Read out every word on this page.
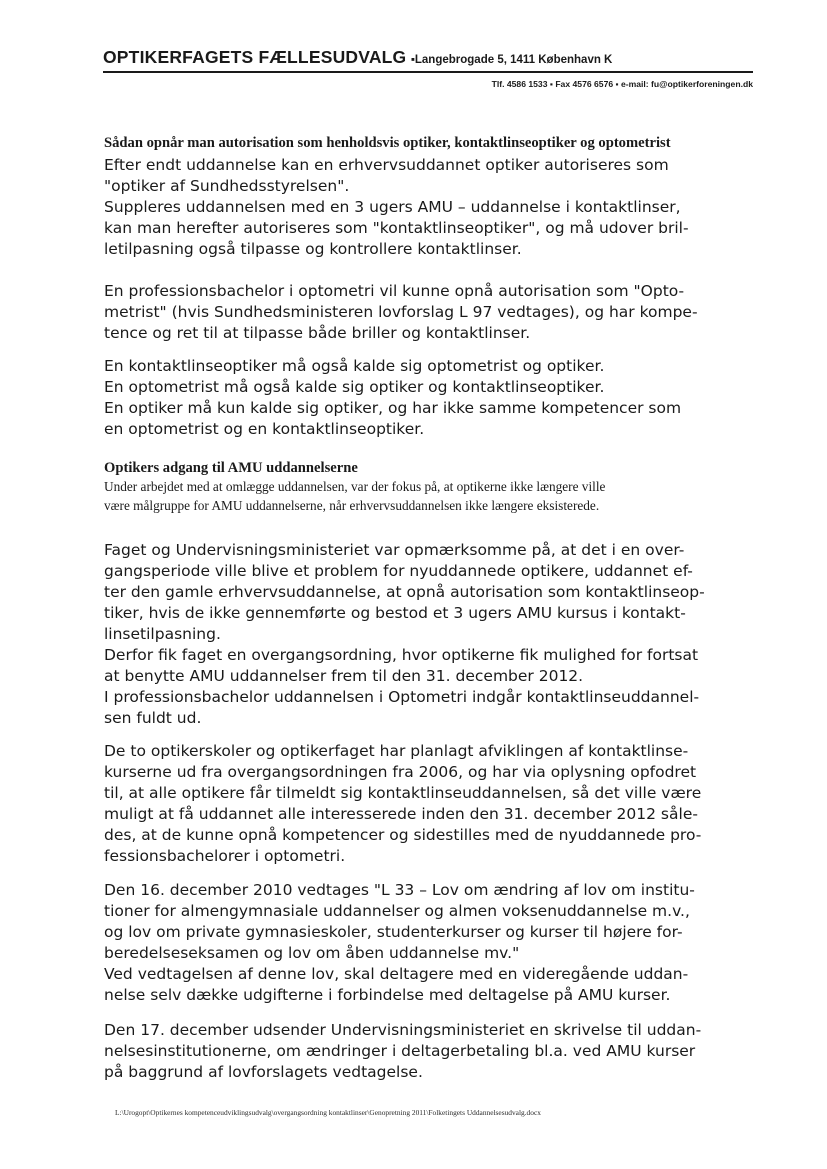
OPTIKERFAGETS FÆLLESUDVALG ▪Langebrogade 5, 1411 København K
Tlf. 4586 1533 ▪ Fax 4576 6576 ▪ e-mail: fu@optikerforeningen.dk
Sådan opnår man autorisation som henholdsvis optiker, kontaktlinseoptiker og optometrist
Efter endt uddannelse kan en erhvervsuddannet optiker autoriseres som
"optiker af Sundhedsstyrelsen".
Suppleres uddannelsen med en 3 ugers AMU – uddannelse i kontaktlinser,
kan man herefter autoriseres som "kontaktlinseoptiker", og må udover bril-
letilpasning også tilpasse og kontrollere kontaktlinser.
En professionsbachelor i optometri vil kunne opnå autorisation som "Opto-
metrist" (hvis Sundhedsministeren lovforslag L 97 vedtages), og har kompe-
tence og ret til at tilpasse både briller og kontaktlinser.
En kontaktlinseoptiker må også kalde sig optometrist og optiker.
En optometrist må også kalde sig optiker og kontaktlinseoptiker.
En optiker må kun kalde sig optiker, og har ikke samme kompetencer som
en optometrist og en kontaktlinseoptiker.
Optikers adgang til AMU uddannelserne
Under arbejdet med at omlægge uddannelsen, var der fokus på, at optikerne ikke længere ville
være målgruppe for AMU uddannelserne, når erhvervsuddannelsen ikke længere eksisterede.
Faget og Undervisningsministeriet var opmærksomme på, at det i en over-
gangsperiode ville blive et problem for nyuddannede optikere, uddannet ef-
ter den gamle erhvervsuddannelse, at opnå autorisation som kontaktlinseop-
tiker, hvis de ikke gennemførte og bestod et 3 ugers AMU kursus i kontakt-
linsetilpasning.
Derfor fik faget en overgangsordning, hvor optikerne fik mulighed for fortsat
at benytte AMU uddannelser frem til den 31. december 2012.
I professionsbachelor uddannelsen i Optometri indgår kontaktlinseuddannel-
sen fuldt ud.
De to optikerskoler og optikerfaget har planlagt afviklingen af kontaktlinse-
kurserne ud fra overgangsordningen fra 2006, og har via oplysning opfodret
til, at alle optikere får tilmeldt sig kontaktlinseuddannelsen, så det ville være
muligt at få uddannet alle interesserede inden den 31. december 2012 såle-
des, at de kunne opnå kompetencer og sidestilles med de nyuddannede pro-
fessionsbachelorer i optometri.
Den 16. december 2010 vedtages "L 33 – Lov om ændring af lov om institu-
tioner for almengymnasiale uddannelser og almen voksenuddannelse m.v.,
og lov om private gymnasieskoler, studenterkurser og kurser til højere for-
beredelseseksamen og lov om åben uddannelse mv."
Ved vedtagelsen af denne lov, skal deltagere med en videregående uddan-
nelse selv dække udgifterne i forbindelse med deltagelse på AMU kurser.
Den 17. december udsender Undervisningsministeriet en skrivelse til uddan-
nelsesinstitutionerne, om ændringer i deltagerbetaling bl.a. ved AMU kurser
på baggrund af lovforslagets vedtagelse.
L:\Urogopt\Optikernes kompetenceudviklingsudvalg\overgangsordning kontaktlinser\Genopretning 2011\Folketingets Uddannelsesudvalg.docx
